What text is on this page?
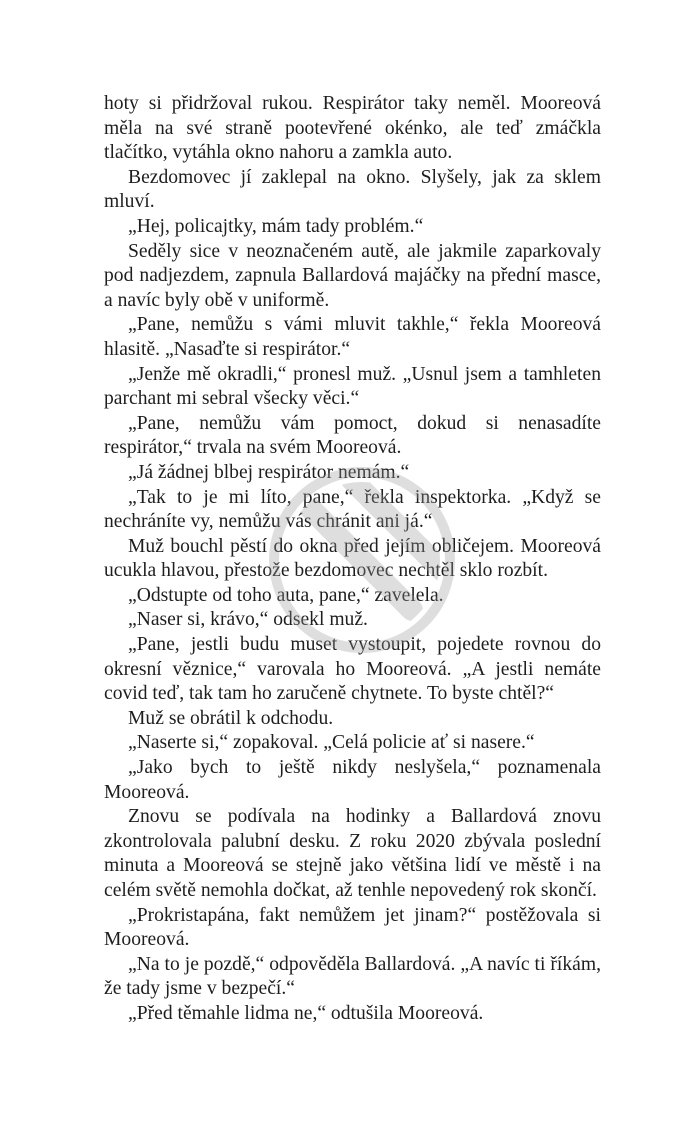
hoty si přidržoval rukou. Respirátor taky neměl. Mooreová měla na své straně pootevřené okénko, ale teď zmáčkla tlačítko, vytáhla okno nahoru a zamkla auto.

Bezdomovec jí zaklepal na okno. Slyšely, jak za sklem mluví.

„Hej, policajtky, mám tady problém.“

Seděly sice v neoznačeném autě, ale jakmile zaparkovaly pod nadjezdem, zapnula Ballardová majáčky na přední masce, a navíc byly obě v uniformě.

„Pane, nemůžu s vámi mluvit takhle,“ řekla Mooreová hlasitě. „Nasaďte si respirátor.“

„Jenže mě okradli,“ pronesl muž. „Usnul jsem a tamhleten parchant mi sebral všecky věci.“

„Pane, nemůžu vám pomoct, dokud si nenasadíte respirátor,“ trvala na svém Mooreová.

„Já žádnej blbej respirátor nemám.“

„Tak to je mi líto, pane,“ řekla inspektorka. „Když se nechráníte vy, nemůžu vás chránit ani já.“

Muž bouchl pěstí do okna před jejím obličejem. Mooreová ucukla hlavou, přestože bezdomovec nechtěl sklo rozbít.

„Odstupte od toho auta, pane,“ zavelela.

„Naser si, krávo,“ odsekl muž.

„Pane, jestli budu muset vystoupit, pojedete rovnou do okresní věznice,“ varovala ho Mooreová. „A jestli nemáte covid teď, tak tam ho zaručeně chytnete. To byste chtěl?“

Muž se obrátil k odchodu.

„Naserte si,“ zopakoval. „Celá policie ať si nasere.“

„Jako bych to ještě nikdy neslyšela,“ poznamenala Mooreová.

Znovu se podívala na hodinky a Ballardová znovu zkontrolovala palubní desku. Z roku 2020 zbývala poslední minuta a Mooreová se stejně jako většina lidí ve městě i na celém světě nemohla dočkat, až tenhle nepovedený rok skončí.

„Prokristapána, fakt nemůžem jet jinam?“ postěžovala si Mooreová.

„Na to je pozdě,“ odpověděla Ballardová. „A navíc ti říkám, že tady jsme v bezpečí.“

„Před těmahle lidma ne,“ odtušila Mooreová.
